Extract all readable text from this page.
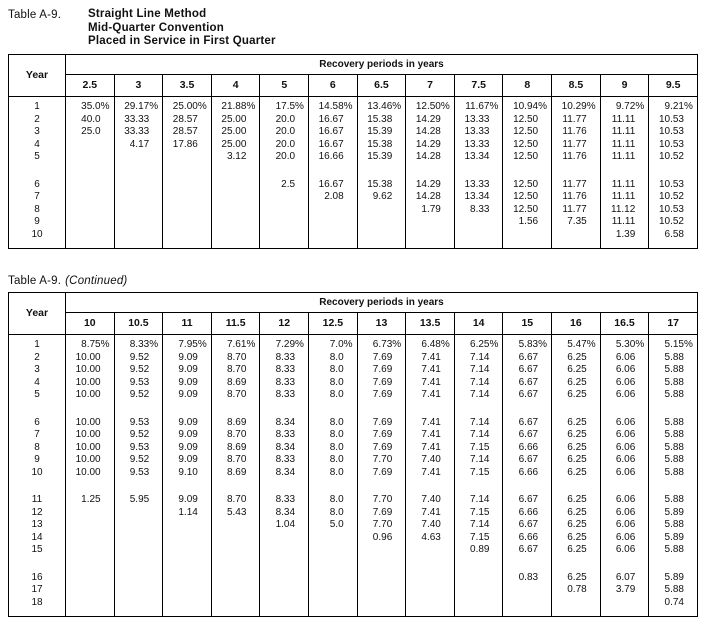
Table A-9.	Straight Line Method
Mid-Quarter Convention
Placed in Service in First Quarter
Year	Recovery periods in years												
	2.5	3	3.5	4	5	6	6.5	7	7.5	8	8.5	9	9.5

1	35.0%	29.17%	25.00%	21.88%	17.5%	14.58%	13.46%	12.50%	11.67%	10.94%	10.29%	9.72%	9.21%
2	40.0	33.33	28.57	25.00	20.0	16.67	15.38	14.29	13.33	12.50	11.77	11.11	10.53
3	25.0	33.33	28.57	25.00	20.0	16.67	15.39	14.28	13.33	12.50	11.76	11.11	10.53
4		4.17	17.86	25.00	20.0	16.67	15.38	14.29	13.33	12.50	11.77	11.11	10.53
5				3.12	20.0	16.66	15.39	14.28	13.34	12.50	11.76	11.11	10.52

6					2.5	16.67	15.38	14.29	13.33	12.50	11.77	11.11	10.53
7						2.08	9.62	14.28	13.34	12.50	11.76	11.11	10.52
8								1.79	8.33	12.50	11.77	11.12	10.53
9										1.56	7.35	11.11	10.52
10												1.39	6.58

Table A-9. (Continued)
Year	Recovery periods in years												
	10	10.5	11	11.5	12	12.5	13	13.5	14	15	16	16.5	17

1	8.75%	8.33%	7.95%	7.61%	7.29%	7.0%	6.73%	6.48%	6.25%	5.83%	5.47%	5.30%	5.15%
2	10.00	9.52	9.09	8.70	8.33	8.0	7.69	7.41	7.14	6.67	6.25	6.06	5.88
3	10.00	9.52	9.09	8.70	8.33	8.0	7.69	7.41	7.14	6.67	6.25	6.06	5.88
4	10.00	9.53	9.09	8.69	8.33	8.0	7.69	7.41	7.14	6.67	6.25	6.06	5.88
5	10.00	9.52	9.09	8.70	8.33	8.0	7.69	7.41	7.14	6.67	6.25	6.06	5.88

6	10.00	9.53	9.09	8.69	8.34	8.0	7.69	7.41	7.14	6.67	6.25	6.06	5.88
7	10.00	9.52	9.09	8.70	8.33	8.0	7.69	7.41	7.14	6.67	6.25	6.06	5.88
8	10.00	9.53	9.09	8.69	8.34	8.0	7.69	7.41	7.15	6.66	6.25	6.06	5.88
9	10.00	9.52	9.09	8.70	8.33	8.0	7.70	7.40	7.14	6.67	6.25	6.06	5.88
10	10.00	9.53	9.10	8.69	8.34	8.0	7.69	7.41	7.15	6.66	6.25	6.06	5.88

11	1.25	5.95	9.09	8.70	8.33	8.0	7.70	7.40	7.14	6.67	6.25	6.06	5.88
12			1.14	5.43	8.34	8.0	7.69	7.41	7.15	6.66	6.25	6.06	5.89
13					1.04	5.0	7.70	7.40	7.14	6.67	6.25	6.06	5.88
14							0.96	4.63	7.15	6.66	6.25	6.06	5.89
15									0.89	6.67	6.25	6.06	5.88

16										0.83	6.25	6.07	5.89
17											0.78	3.79	5.88
18													0.74
